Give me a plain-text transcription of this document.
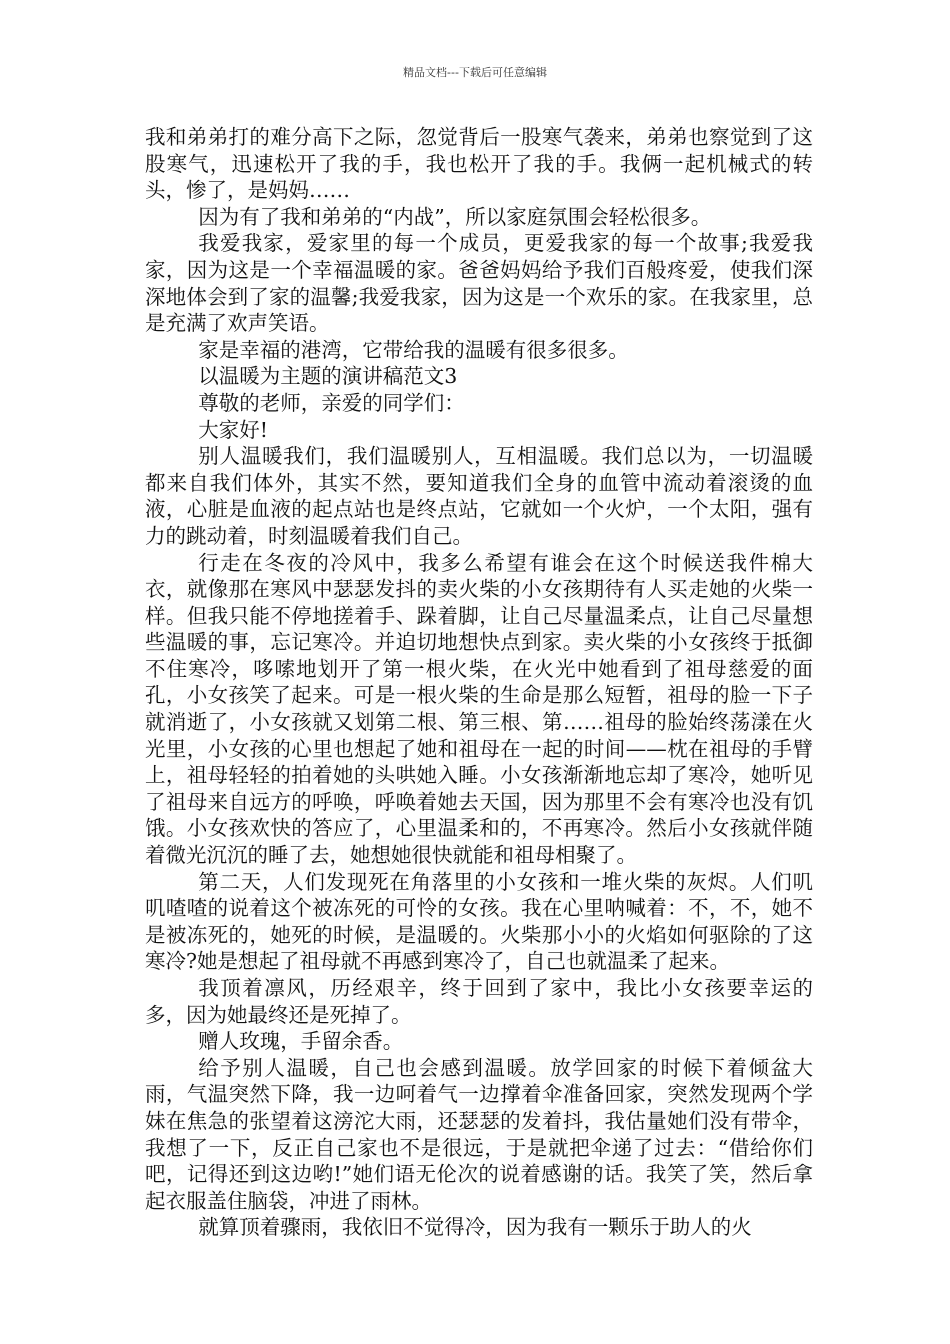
精品文档---下载后可任意编辑

我和弟弟打的难分高下之际，忽觉背后一股寒气袭来，弟弟也察觉到了这股寒气，迅速松开了我的手，我也松开了我的手。我俩一起机械式的转头，惨了，是妈妈……

因为有了我和弟弟的“内战”，所以家庭氛围会轻松很多。

我爱我家，爱家里的每一个成员，更爱我家的每一个故事;我爱我家，因为这是一个幸福温暖的家。爸爸妈妈给予我们百般疼爱，使我们深深地体会到了家的温馨;我爱我家，因为这是一个欢乐的家。在我家里，总是充满了欢声笑语。

家是幸福的港湾，它带给我的温暖有很多很多。

以温暖为主题的演讲稿范文3

尊敬的老师，亲爱的同学们：

大家好!

别人温暖我们，我们温暖别人，互相温暖。我们总以为，一切温暖都来自我们体外，其实不然，要知道我们全身的血管中流动着滚烫的血液，心脏是血液的起点站也是终点站，它就如一个火炉，一个太阳，强有力的跳动着，时刻温暖着我们自己。

行走在冬夜的冷风中，我多么希望有谁会在这个时候送我件棉大衣，就像那在寒风中瑟瑟发抖的卖火柴的小女孩期待有人买走她的火柴一样。但我只能不停地搓着手、跺着脚，让自己尽量温柔点，让自己尽量想些温暖的事，忘记寒冷。并迫切地想快点到家。卖火柴的小女孩终于抵御不住寒冷，哆嗦地划开了第一根火柴，在火光中她看到了祖母慈爱的面孔，小女孩笑了起来。可是一根火柴的生命是那么短暂，祖母的脸一下子就消逝了，小女孩就又划第二根、第三根、第……祖母的脸始终荡漾在火光里，小女孩的心里也想起了她和祖母在一起的时间——枕在祖母的手臂上，祖母轻轻的拍着她的头哄她入睡。小女孩渐渐地忘却了寒冷，她听见了祖母来自远方的呼唤，呼唤着她去天国，因为那里不会有寒冷也没有饥饿。小女孩欢快的答应了，心里温柔和的，不再寒冷。然后小女孩就伴随着微光沉沉的睡了去，她想她很快就能和祖母相聚了。

第二天，人们发现死在角落里的小女孩和一堆火柴的灰烬。人们叽叽喳喳的说着这个被冻死的可怜的女孩。我在心里呐喊着：不，不，她不是被冻死的，她死的时候，是温暖的。火柴那小小的火焰如何驱除的了这寒冷?她是想起了祖母就不再感到寒冷了，自己也就温柔了起来。

我顶着凛风，历经艰辛，终于回到了家中，我比小女孩要幸运的多，因为她最终还是死掉了。

赠人玫瑰，手留余香。

给予别人温暖，自己也会感到温暖。放学回家的时候下着倾盆大雨，气温突然下降，我一边呵着气一边撑着伞准备回家，突然发现两个学妹在焦急的张望着这滂沱大雨，还瑟瑟的发着抖，我估量她们没有带伞，我想了一下，反正自己家也不是很远，于是就把伞递了过去：“借给你们吧，记得还到这边哟!”她们语无伦次的说着感谢的话。我笑了笑，然后拿起衣服盖住脑袋，冲进了雨林。

就算顶着骤雨，我依旧不觉得冷，因为我有一颗乐于助人的火
